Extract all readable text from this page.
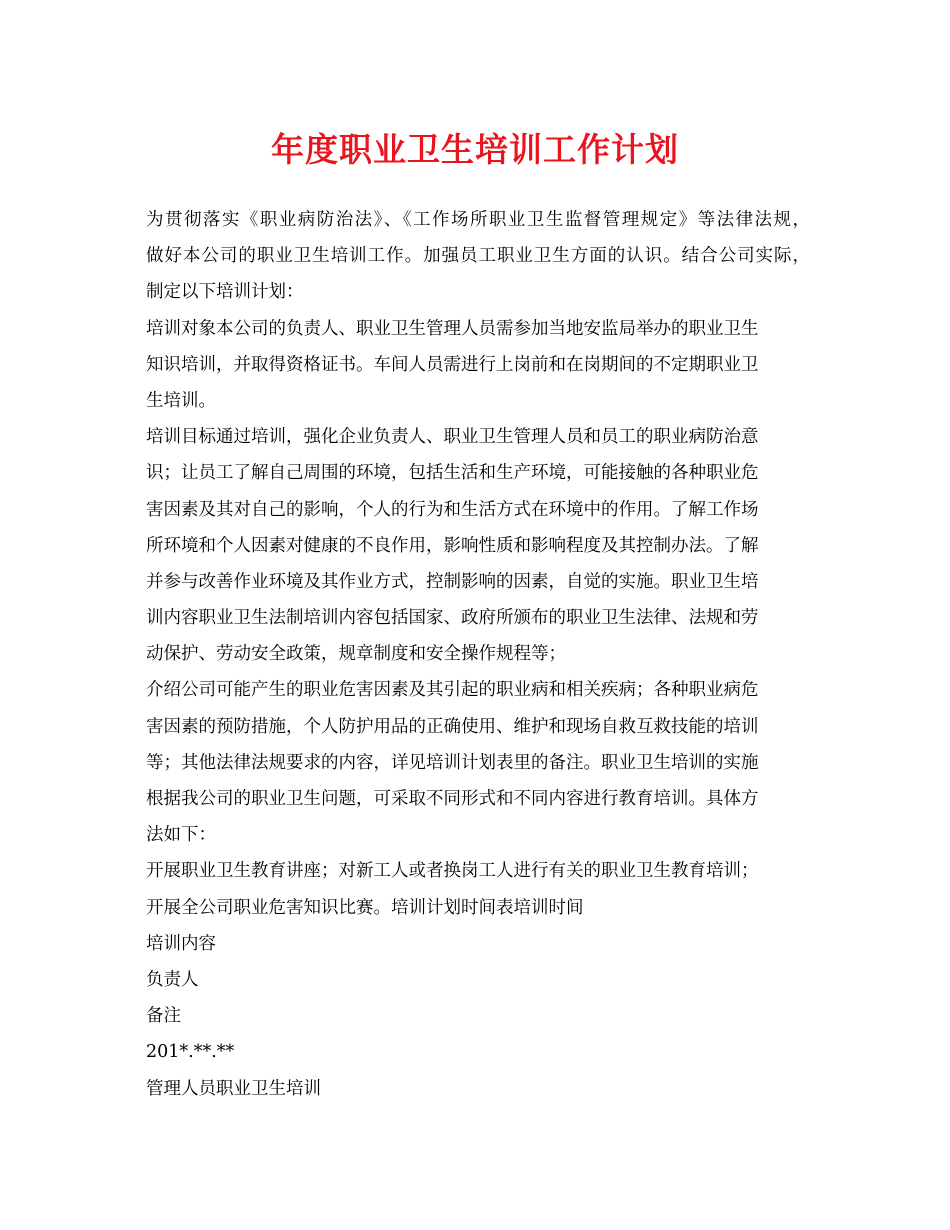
年度职业卫生培训工作计划
为贯彻落实《职业病防治法》、《工作场所职业卫生监督管理规定》等法律法规，
做好本公司的职业卫生培训工作。加强员工职业卫生方面的认识。结合公司实际，
制定以下培训计划：
培训对象本公司的负责人、职业卫生管理人员需参加当地安监局举办的职业卫生
知识培训，并取得资格证书。车间人员需进行上岗前和在岗期间的不定期职业卫
生培训。
培训目标通过培训，强化企业负责人、职业卫生管理人员和员工的职业病防治意
识；让员工了解自己周围的环境，包括生活和生产环境，可能接触的各种职业危
害因素及其对自己的影响，个人的行为和生活方式在环境中的作用。了解工作场
所环境和个人因素对健康的不良作用，影响性质和影响程度及其控制办法。了解
并参与改善作业环境及其作业方式，控制影响的因素，自觉的实施。职业卫生培
训内容职业卫生法制培训内容包括国家、政府所颁布的职业卫生法律、法规和劳
动保护、劳动安全政策，规章制度和安全操作规程等；
介绍公司可能产生的职业危害因素及其引起的职业病和相关疾病；各种职业病危
害因素的预防措施，个人防护用品的正确使用、维护和现场自救互救技能的培训
等；其他法律法规要求的内容，详见培训计划表里的备注。职业卫生培训的实施
根据我公司的职业卫生问题，可采取不同形式和不同内容进行教育培训。具体方
法如下：
开展职业卫生教育讲座；对新工人或者换岗工人进行有关的职业卫生教育培训；
开展全公司职业危害知识比赛。培训计划时间表培训时间
培训内容
负责人
备注
201*.**.**
管理人员职业卫生培训
